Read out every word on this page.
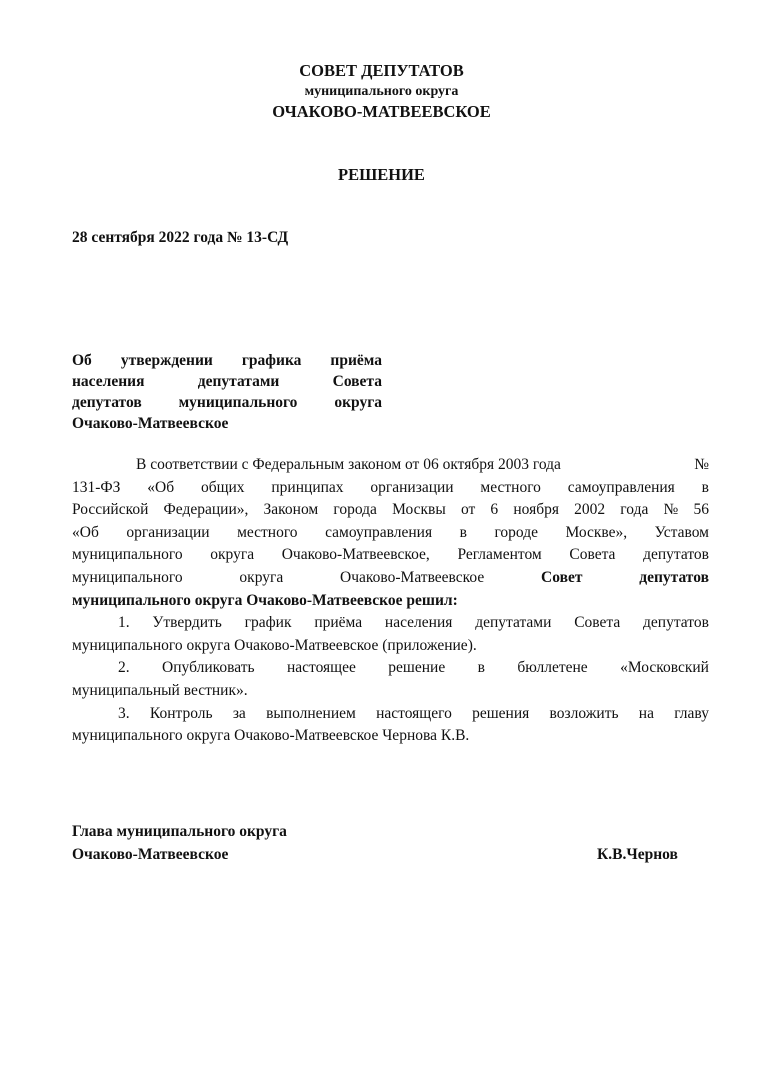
СОВЕТ ДЕПУТАТОВ
муниципального округа
ОЧАКОВО-МАТВЕЕВСКОЕ
РЕШЕНИЕ
28 сентября 2022 года № 13-СД
Об утверждении графика приёма
населения	депутатами	Совета
депутатов муниципального округа
Очаково-Матвеевское
В соответствии с Федеральным законом от 06 октября 2003 года	№
131-ФЗ «Об общих принципах организации местного самоуправления в
Российской Федерации», Законом города Москвы от 6 ноября 2002 года № 56
«Об организации местного самоуправления в городе Москве», Уставом
муниципального округа Очаково-Матвеевское, Регламентом Совета депутатов
муниципального	округа	Очаково-Матвеевское	Совет	депутатов
муниципального округа Очаково-Матвеевское решил:
1. Утвердить график приёма населения депутатами Совета депутатов
муниципального округа Очаково-Матвеевское (приложение).
2. Опубликовать настоящее решение в бюллетене «Московский
муниципальный вестник».
3. Контроль за выполнением настоящего решения возложить на главу
муниципального округа Очаково-Матвеевское Чернова К.В.
Глава муниципального округа
Очаково-Матвеевское	К.В.Чернов
